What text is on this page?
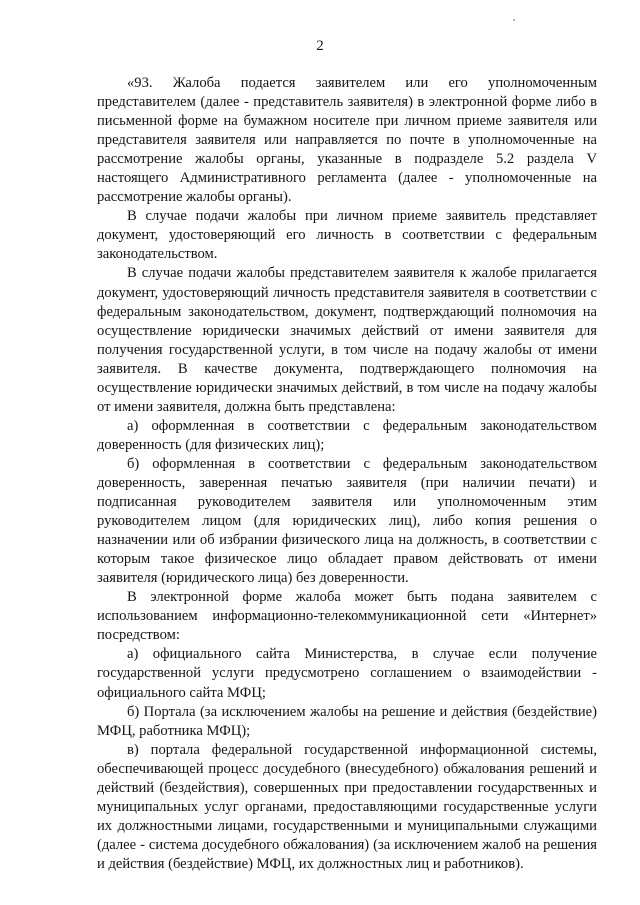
2

«93. Жалоба подается заявителем или его уполномоченным представителем (далее - представитель заявителя) в электронной форме либо в письменной форме на бумажном носителе при личном приеме заявителя или представителя заявителя или направляется по почте в уполномоченные на рассмотрение жалобы органы, указанные в подразделе 5.2 раздела V настоящего Административного регламента (далее - уполномоченные на рассмотрение жалобы органы).

В случае подачи жалобы при личном приеме заявитель представляет документ, удостоверяющий его личность в соответствии с федеральным законодательством.

В случае подачи жалобы представителем заявителя к жалобе прилагается документ, удостоверяющий личность представителя заявителя в соответствии с федеральным законодательством, документ, подтверждающий полномочия на осуществление юридически значимых действий от имени заявителя для получения государственной услуги, в том числе на подачу жалобы от имени заявителя. В качестве документа, подтверждающего полномочия на осуществление юридически значимых действий, в том числе на подачу жалобы от имени заявителя, должна быть представлена:

а) оформленная в соответствии с федеральным законодательством доверенность (для физических лиц);

б) оформленная в соответствии с федеральным законодательством доверенность, заверенная печатью заявителя (при наличии печати) и подписанная руководителем заявителя или уполномоченным этим руководителем лицом (для юридических лиц), либо копия решения о назначении или об избрании физического лица на должность, в соответствии с которым такое физическое лицо обладает правом действовать от имени заявителя (юридического лица) без доверенности.

В электронной форме жалоба может быть подана заявителем с использованием информационно-телекоммуникационной сети «Интернет» посредством:

а) официального сайта Министерства, в случае если получение государственной услуги предусмотрено соглашением о взаимодействии - официального сайта МФЦ;

б) Портала (за исключением жалобы на решение и действия (бездействие) МФЦ, работника МФЦ);

в) портала федеральной государственной информационной системы, обеспечивающей процесс досудебного (внесудебного) обжалования решений и действий (бездействия), совершенных при предоставлении государственных и муниципальных услуг органами, предоставляющими государственные услуги их должностными лицами, государственными и муниципальными служащими (далее - система досудебного обжалования) (за исключением жалоб на решения и действия (бездействие) МФЦ, их должностных лиц и работников).
